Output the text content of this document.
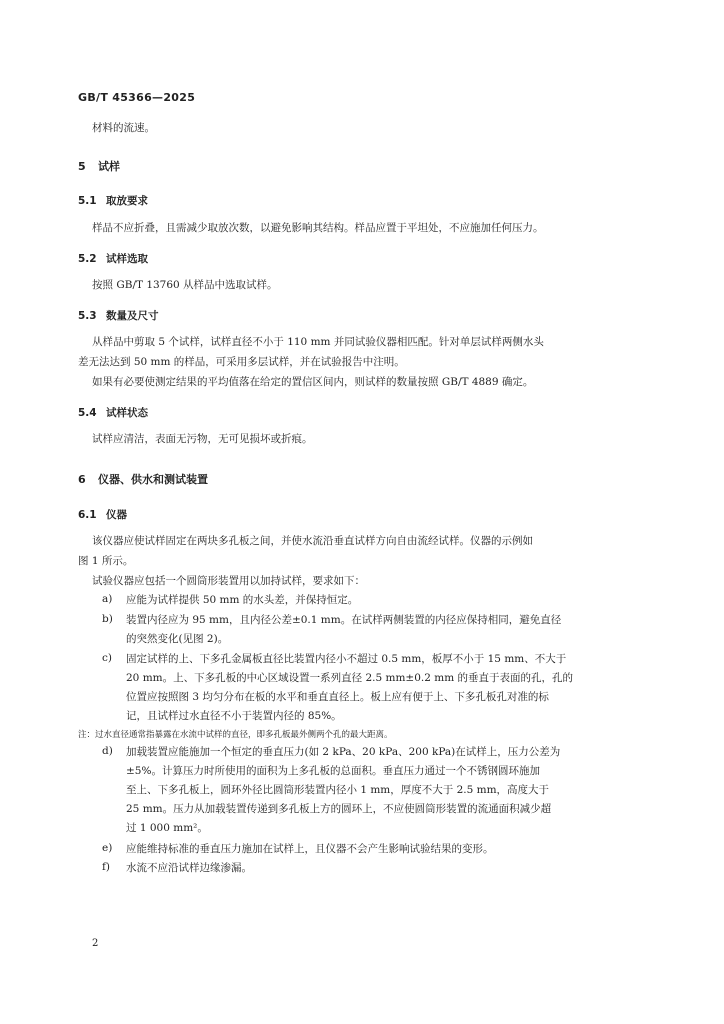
GB/T 45366—2025
材料的流速。
5 试样
5.1 取放要求
样品不应折叠，且需减少取放次数，以避免影响其结构。样品应置于平坦处，不应施加任何压力。
5.2 试样选取
按照 GB/T 13760 从样品中选取试样。
5.3 数量及尺寸
从样品中剪取 5 个试样，试样直径不小于 110 mm 并同试验仪器相匹配。针对单层试样两侧水头
差无法达到 50 mm 的样品，可采用多层试样，并在试验报告中注明。
如果有必要使测定结果的平均值落在给定的置信区间内，则试样的数量按照 GB/T 4889 确定。
5.4 试样状态
试样应清洁，表面无污物，无可见损坏或折痕。
6 仪器、供水和测试装置
6.1 仪器
该仪器应使试样固定在两块多孔板之间，并使水流沿垂直试样方向自由流经试样。仪器的示例如
图 1 所示。
试验仪器应包括一个圆筒形装置用以加持试样，要求如下：
a) 应能为试样提供 50 mm 的水头差，并保持恒定。
b) 装置内径应为 95 mm，且内径公差±0.1 mm。在试样两侧装置的内径应保持相同，避免直径
的突然变化(见图 2)。
c) 固定试样的上、下多孔金属板直径比装置内径小不超过 0.5 mm，板厚不小于 15 mm、不大于
20 mm。上、下多孔板的中心区域设置一系列直径 2.5 mm±0.2 mm 的垂直于表面的孔，孔的
位置应按照图 3 均匀分布在板的水平和垂直直径上。板上应有便于上、下多孔板孔对准的标
记，且试样过水直径不小于装置内径的 85%。
注：过水直径通常指暴露在水流中试样的直径，即多孔板最外侧两个孔的最大距离。
d) 加载装置应能施加一个恒定的垂直压力(如 2 kPa、20 kPa、200 kPa)在试样上，压力公差为
±5%。计算压力时所使用的面积为上多孔板的总面积。垂直压力通过一个不锈钢圆环施加
至上、下多孔板上，圆环外径比圆筒形装置内径小 1 mm，厚度不大于 2.5 mm，高度大于
25 mm。压力从加载装置传递到多孔板上方的圆环上，不应使圆筒形装置的流通面积减少超
过 1 000 mm²。
e) 应能维持标准的垂直压力施加在试样上，且仪器不会产生影响试验结果的变形。
f) 水流不应沿试样边缘渗漏。
2
